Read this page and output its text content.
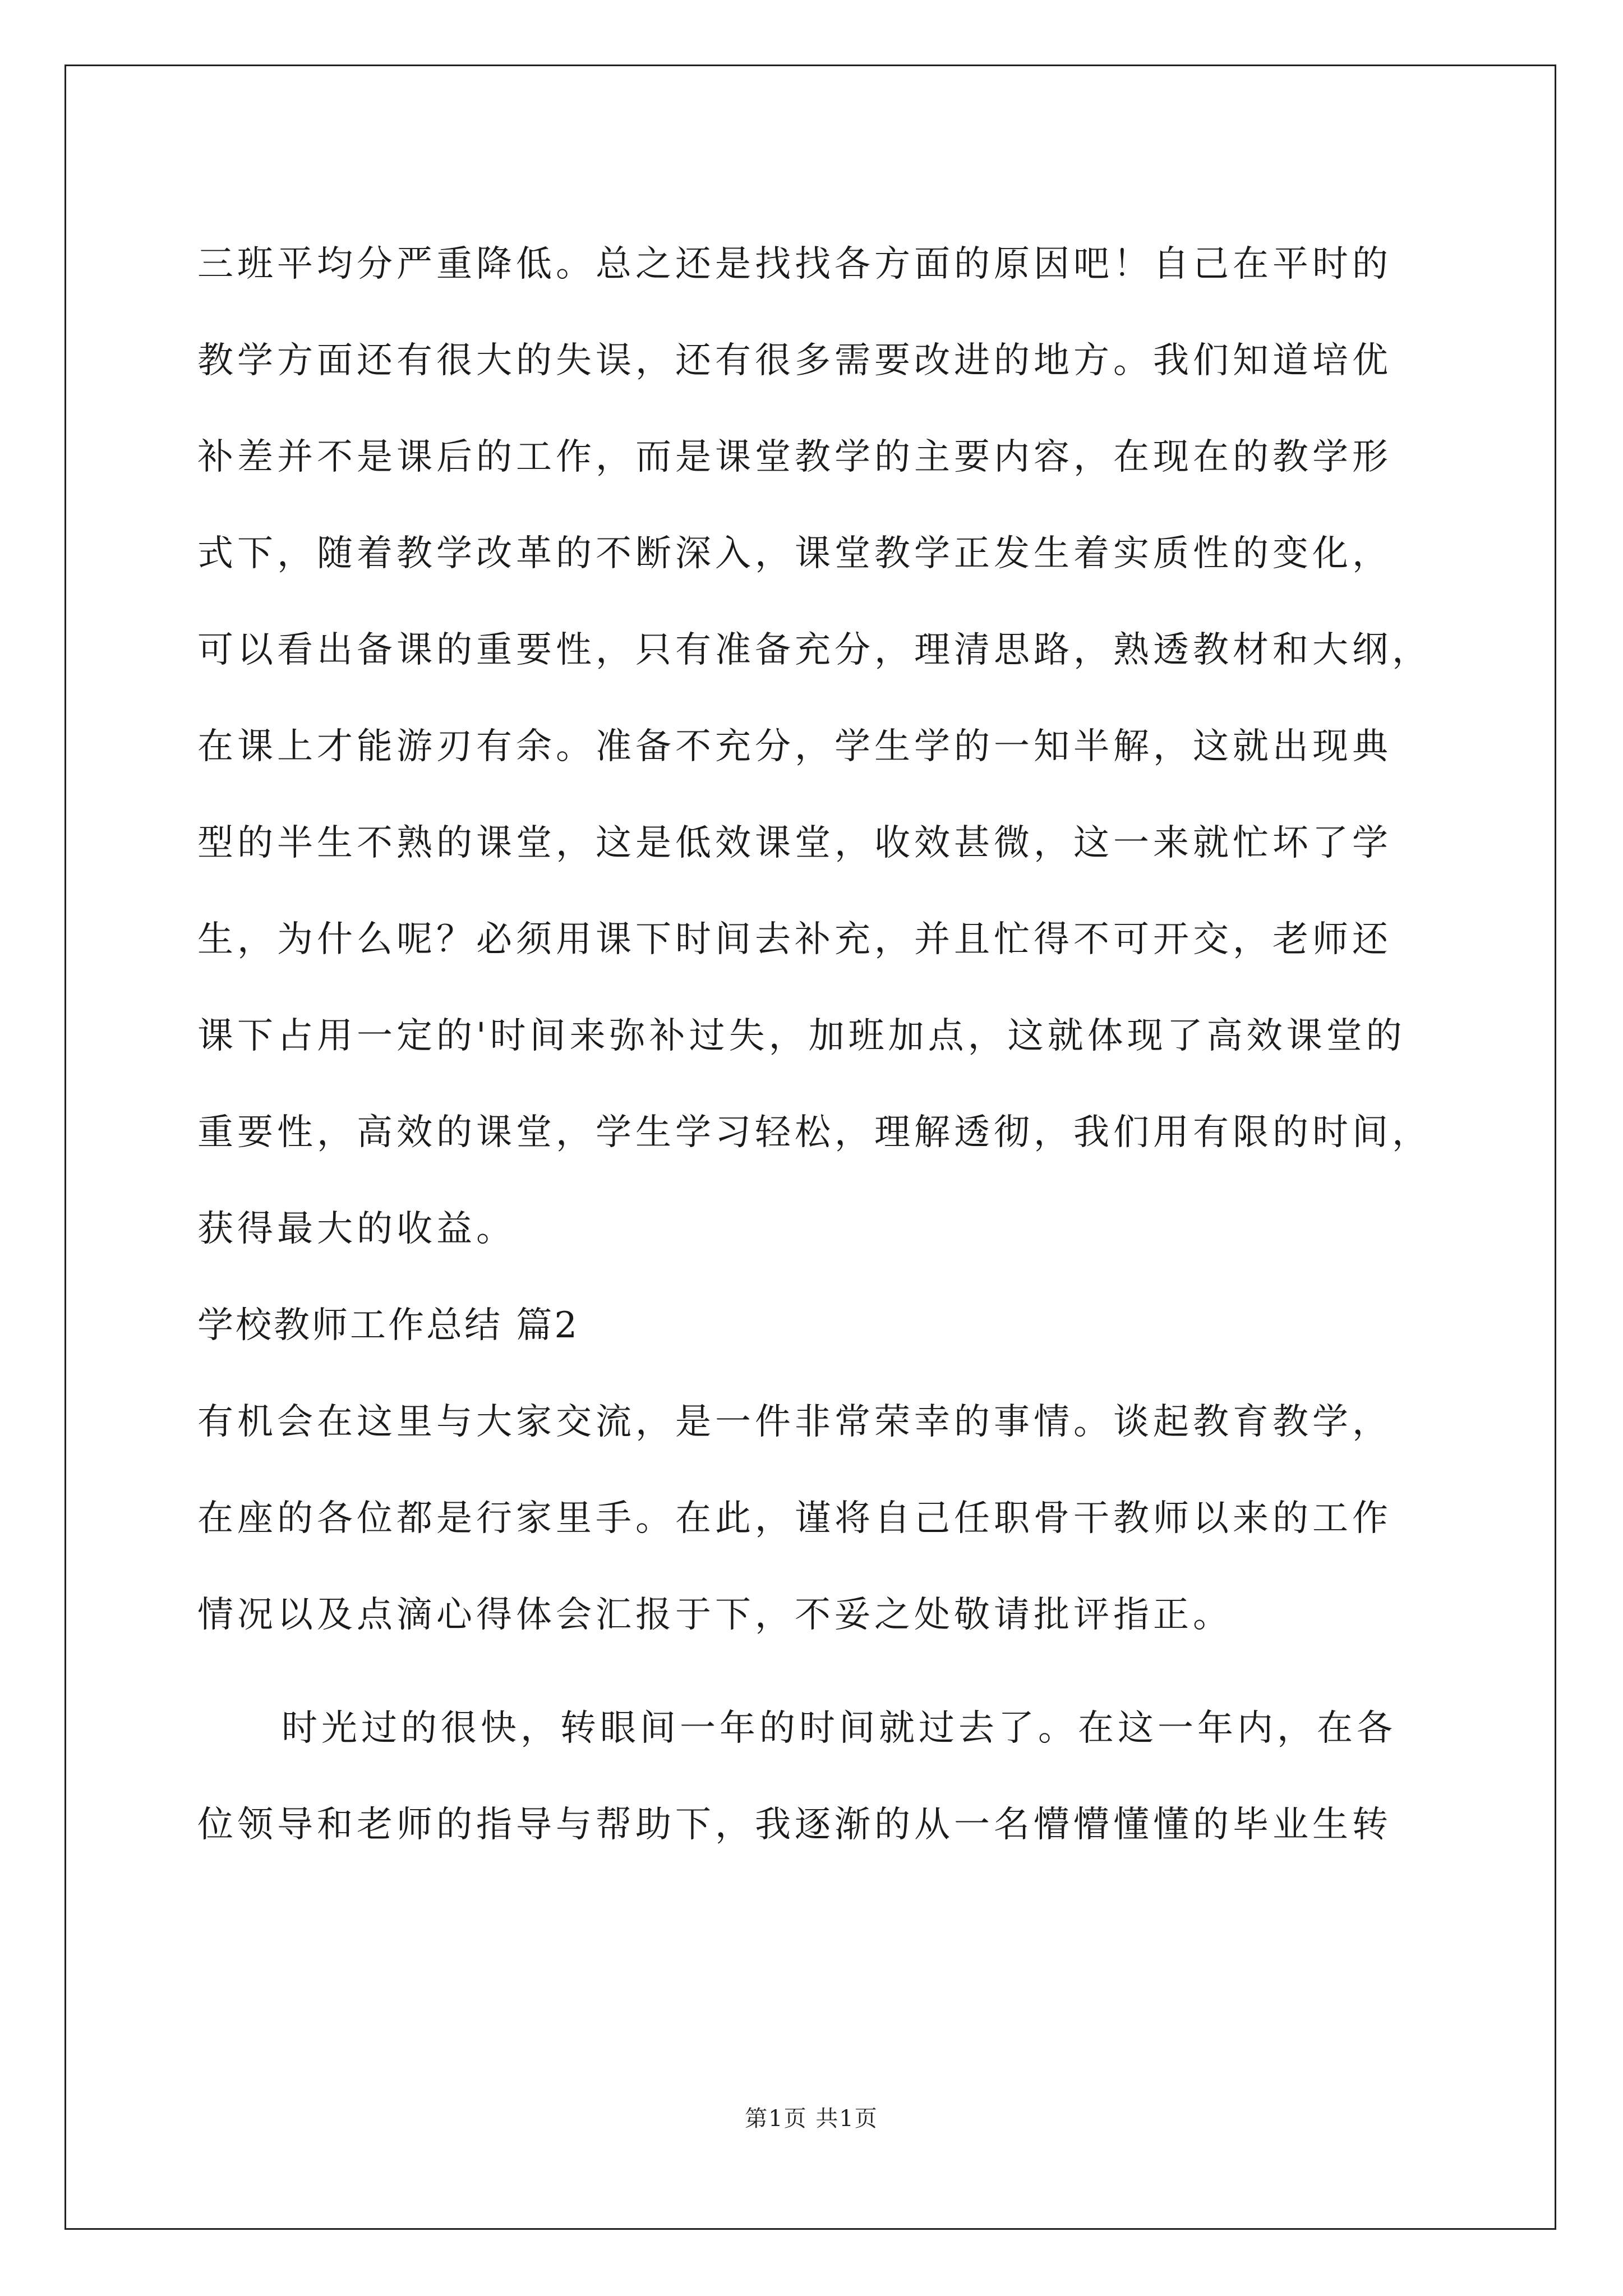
三班平均分严重降低。总之还是找找各方面的原因吧！自己在平时的
教学方面还有很大的失误，还有很多需要改进的地方。我们知道培优
补差并不是课后的工作，而是课堂教学的主要内容，在现在的教学形
式下，随着教学改革的不断深入，课堂教学正发生着实质性的变化，
可以看出备课的重要性，只有准备充分，理清思路，熟透教材和大纲，
在课上才能游刃有余。准备不充分，学生学的一知半解，这就出现典
型的半生不熟的课堂，这是低效课堂，收效甚微，这一来就忙坏了学
生，为什么呢？必须用课下时间去补充，并且忙得不可开交，老师还
课下占用一定的'时间来弥补过失，加班加点，这就体现了高效课堂的
重要性，高效的课堂，学生学习轻松，理解透彻，我们用有限的时间，
获得最大的收益。
学校教师工作总结 篇2
有机会在这里与大家交流，是一件非常荣幸的事情。谈起教育教学，
在座的各位都是行家里手。在此，谨将自己任职骨干教师以来的工作
情况以及点滴心得体会汇报于下，不妥之处敬请批评指正。
时光过的很快，转眼间一年的时间就过去了。在这一年内，在各
位领导和老师的指导与帮助下，我逐渐的从一名懵懵懂懂的毕业生转
第1页 共1页
